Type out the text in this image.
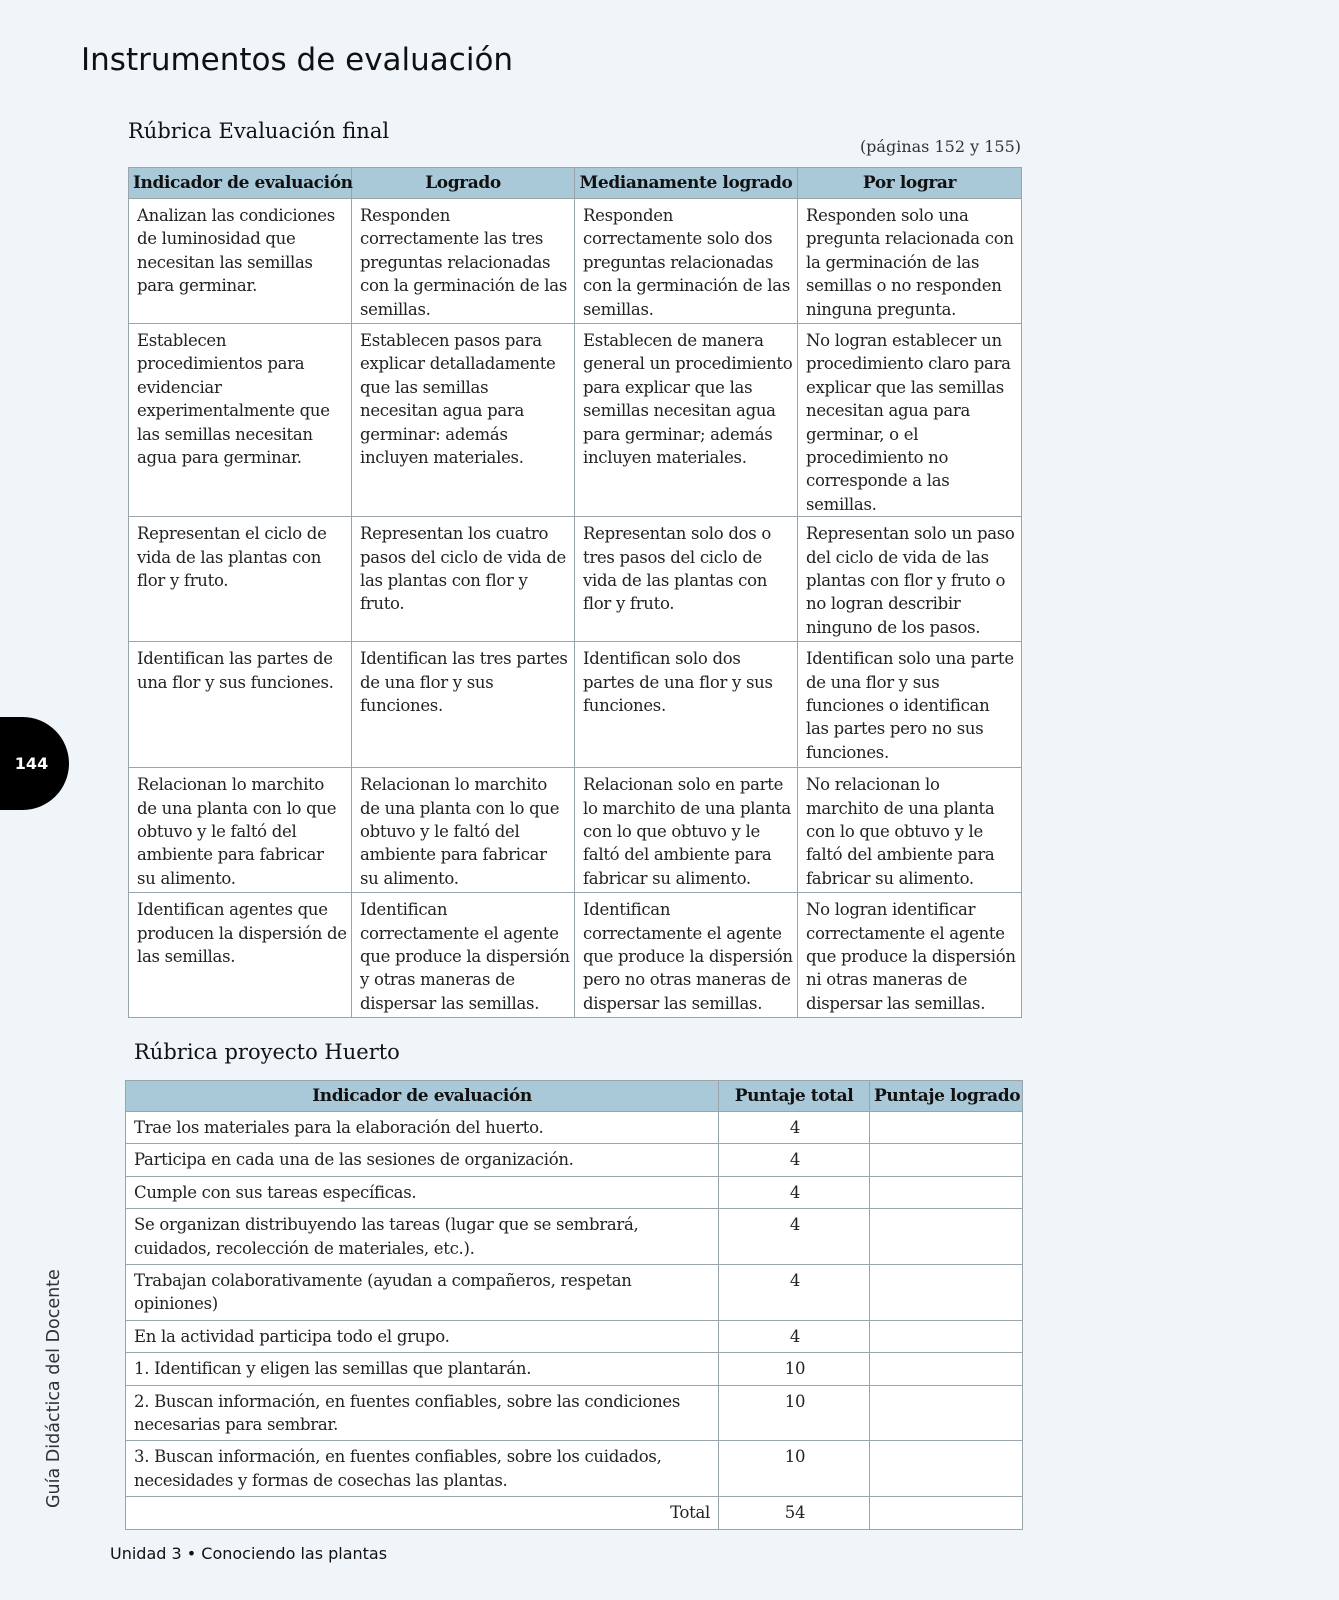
Instrumentos de evaluación
Rúbrica Evaluación final
(páginas 152 y 155)
Indicador de evaluación	Logrado	Medianamente logrado	Por lograr
Analizan las condiciones de luminosidad que necesitan las semillas para germinar.	Responden correctamente las tres preguntas relacionadas con la germinación de las semillas.	Responden correctamente solo dos preguntas relacionadas con la germinación de las semillas.	Responden solo una pregunta relacionada con la germinación de las semillas o no responden ninguna pregunta.
Establecen procedimientos para evidenciar experimentalmente que las semillas necesitan agua para germinar.	Establecen pasos para explicar detalladamente que las semillas necesitan agua para germinar: además incluyen materiales.	Establecen de manera general un procedimiento para explicar que las semillas necesitan agua para germinar; además incluyen materiales.	No logran establecer un procedimiento claro para explicar que las semillas necesitan agua para germinar, o el procedimiento no corresponde a las semillas.
Representan el ciclo de vida de las plantas con flor y fruto.	Representan los cuatro pasos del ciclo de vida de las plantas con flor y fruto.	Representan solo dos o tres pasos del ciclo de vida de las plantas con flor y fruto.	Representan solo un paso del ciclo de vida de las plantas con flor y fruto o no logran describir ninguno de los pasos.
Identifican las partes de una flor y sus funciones.	Identifican las tres partes de una flor y sus funciones.	Identifican solo dos partes de una flor y sus funciones.	Identifican solo una parte de una flor y sus funciones o identifican las partes pero no sus funciones.
Relacionan lo marchito de una planta con lo que obtuvo y le faltó del ambiente para fabricar su alimento.	Relacionan lo marchito de una planta con lo que obtuvo y le faltó del ambiente para fabricar su alimento.	Relacionan solo en parte lo marchito de una planta con lo que obtuvo y le faltó del ambiente para fabricar su alimento.	No relacionan lo marchito de una planta con lo que obtuvo y le faltó del ambiente para fabricar su alimento.
Identifican agentes que producen la dispersión de las semillas.	Identifican correctamente el agente que produce la dispersión y otras maneras de dispersar las semillas.	Identifican correctamente el agente que produce la dispersión pero no otras maneras de dispersar las semillas.	No logran identificar correctamente el agente que produce la dispersión ni otras maneras de dispersar las semillas.
Rúbrica proyecto Huerto
Indicador de evaluación	Puntaje total	Puntaje logrado
Trae los materiales para la elaboración del huerto.	4	
Participa en cada una de las sesiones de organización.	4	
Cumple con sus tareas específicas.	4	
Se organizan distribuyendo las tareas (lugar que se sembrará, cuidados, recolección de materiales, etc.).	4	
Trabajan colaborativamente (ayudan a compañeros, respetan opiniones)	4	
En la actividad participa todo el grupo.	4	
1. Identifican y eligen las semillas que plantarán.	10	
2. Buscan información, en fuentes confiables, sobre las condiciones necesarias para sembrar.	10	
3. Buscan información, en fuentes confiables, sobre los cuidados, necesidades y formas de cosechas las plantas.	10	
Total	54	
144
Guía Didáctica del Docente
Unidad 3 • Conociendo las plantas
